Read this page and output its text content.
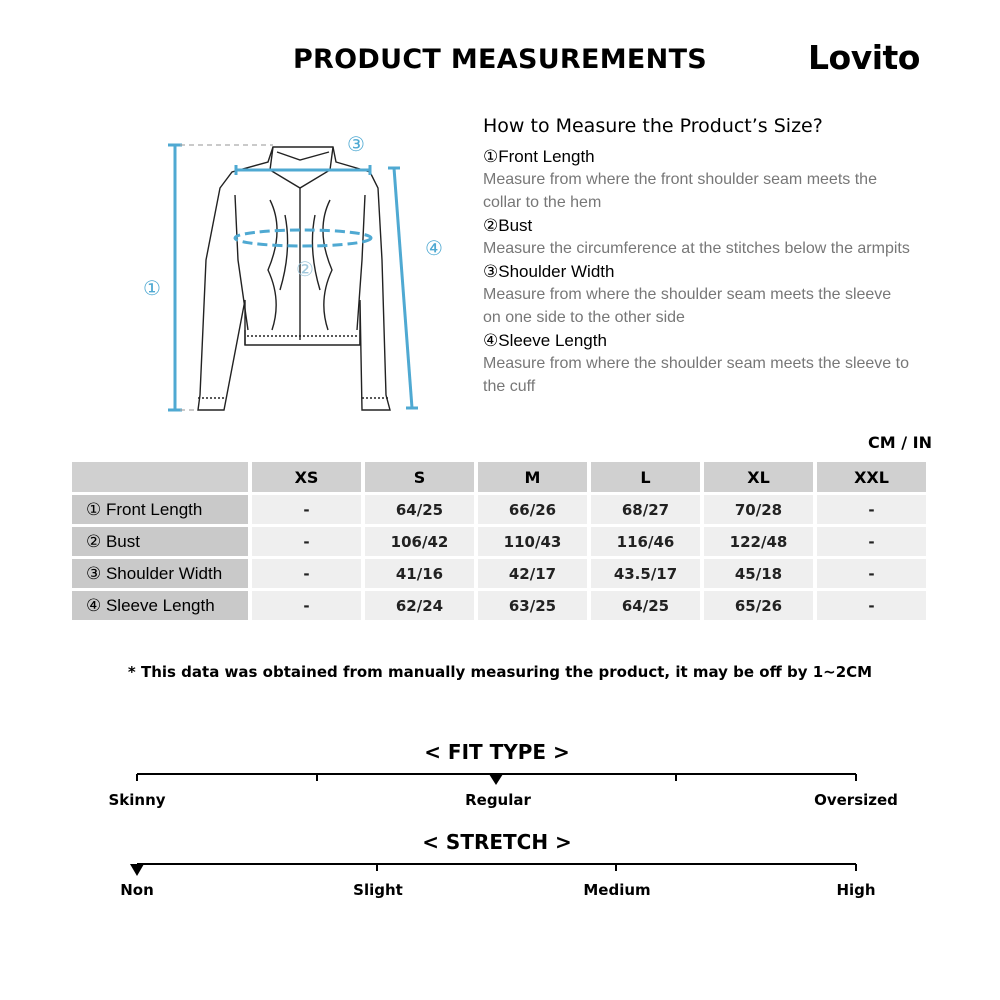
PRODUCT MEASUREMENTS	Lovito
①
②
③
④
How to Measure the Product’s Size?
①Front Length
Measure from where the front shoulder seam meets the collar to the hem
②Bust
Measure the circumference at the stitches below the armpits
③Shoulder Width
Measure from where the shoulder seam meets the sleeve on one side to the other side
④Sleeve Length
Measure from where the shoulder seam meets the sleeve to the cuff
CM / IN
	XS	S	M	L	XL	XXL
① Front Length	-	64/25	66/26	68/27	70/28	-
② Bust	-	106/42	110/43	116/46	122/48	-
③ Shoulder Width	-	41/16	42/17	43.5/17	45/18	-
④ Sleeve Length	-	62/24	63/25	64/25	65/26	-
* This data was obtained from manually measuring the product, it may be off by 1~2CM
< FIT TYPE >
Skinny	Regular	Oversized
< STRETCH >
Non	Slight	Medium	High
